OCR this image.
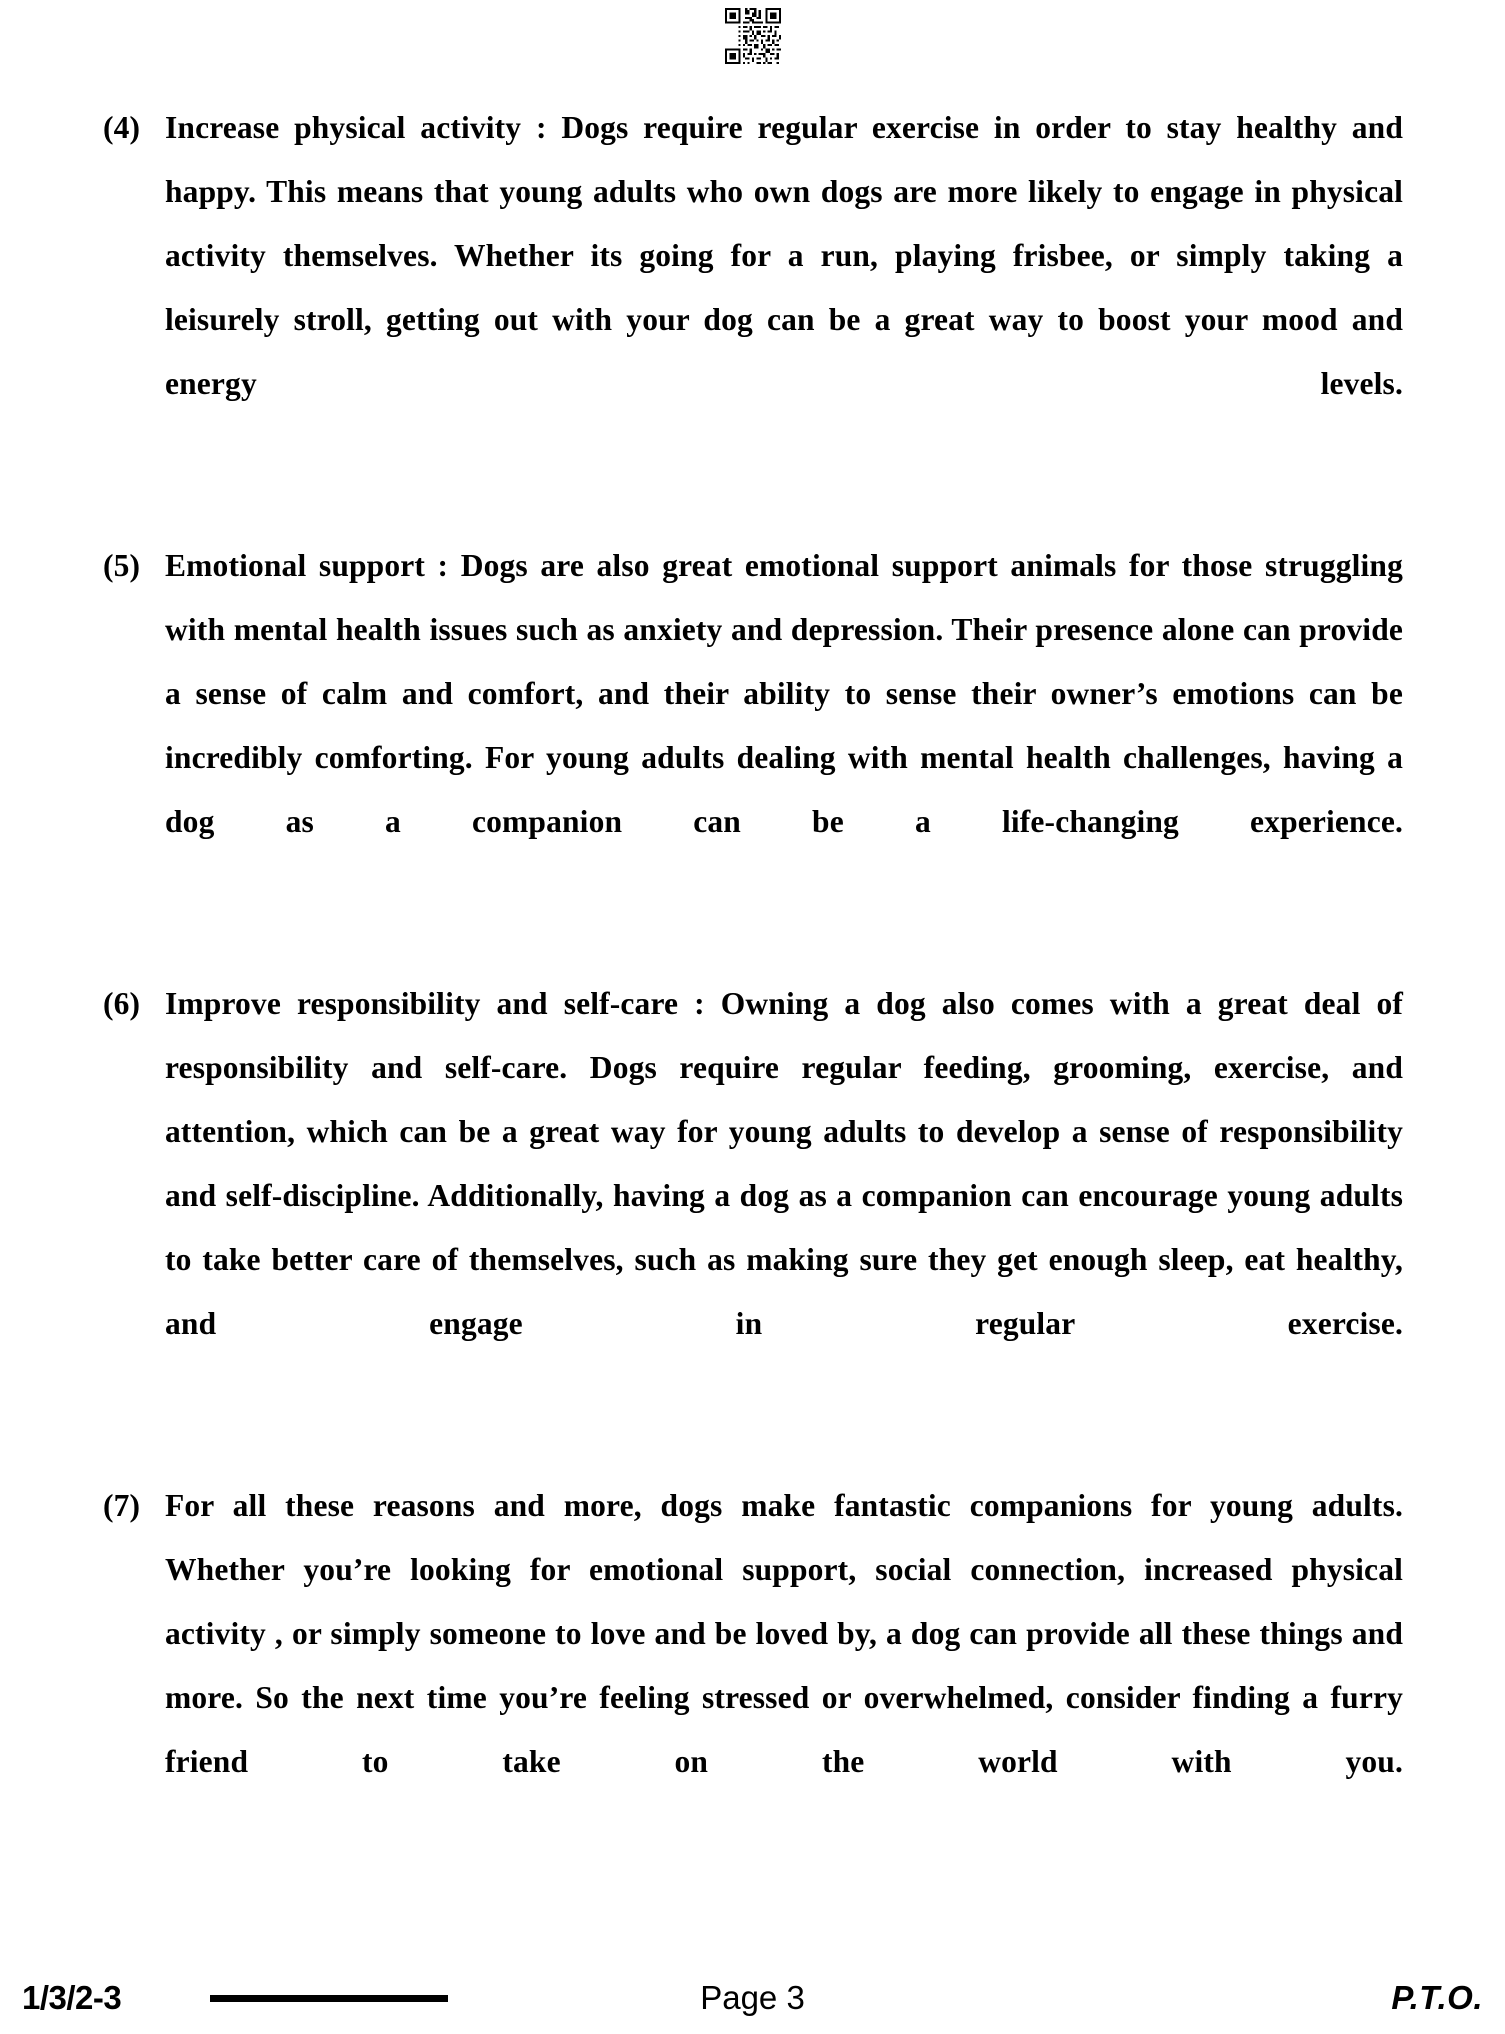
(4) Increase physical activity : Dogs require regular exercise in order to stay healthy and happy. This means that young adults who own dogs are more likely to engage in physical activity themselves. Whether its going for a run, playing frisbee, or simply taking a leisurely stroll, getting out with your dog can be a great way to boost your mood and energy levels.
(5) Emotional support : Dogs are also great emotional support animals for those struggling with mental health issues such as anxiety and depression. Their presence alone can provide a sense of calm and comfort, and their ability to sense their owner’s emotions can be incredibly comforting. For young adults dealing with mental health challenges, having a dog as a companion can be a life-changing experience.
(6) Improve responsibility and self-care : Owning a dog also comes with a great deal of responsibility and self-care. Dogs require regular feeding, grooming, exercise, and attention, which can be a great way for young adults to develop a sense of responsibility and self-discipline. Additionally, having a dog as a companion can encourage young adults to take better care of themselves, such as making sure they get enough sleep, eat healthy, and engage in regular exercise.
(7) For all these reasons and more, dogs make fantastic companions for young adults. Whether you’re looking for emotional support, social connection, increased physical activity , or simply someone to love and be loved by, a dog can provide all these things and more. So the next time you’re feeling stressed or overwhelmed, consider finding a furry friend to take on the world with you.
1/3/2-3	Page 3	P.T.O.
